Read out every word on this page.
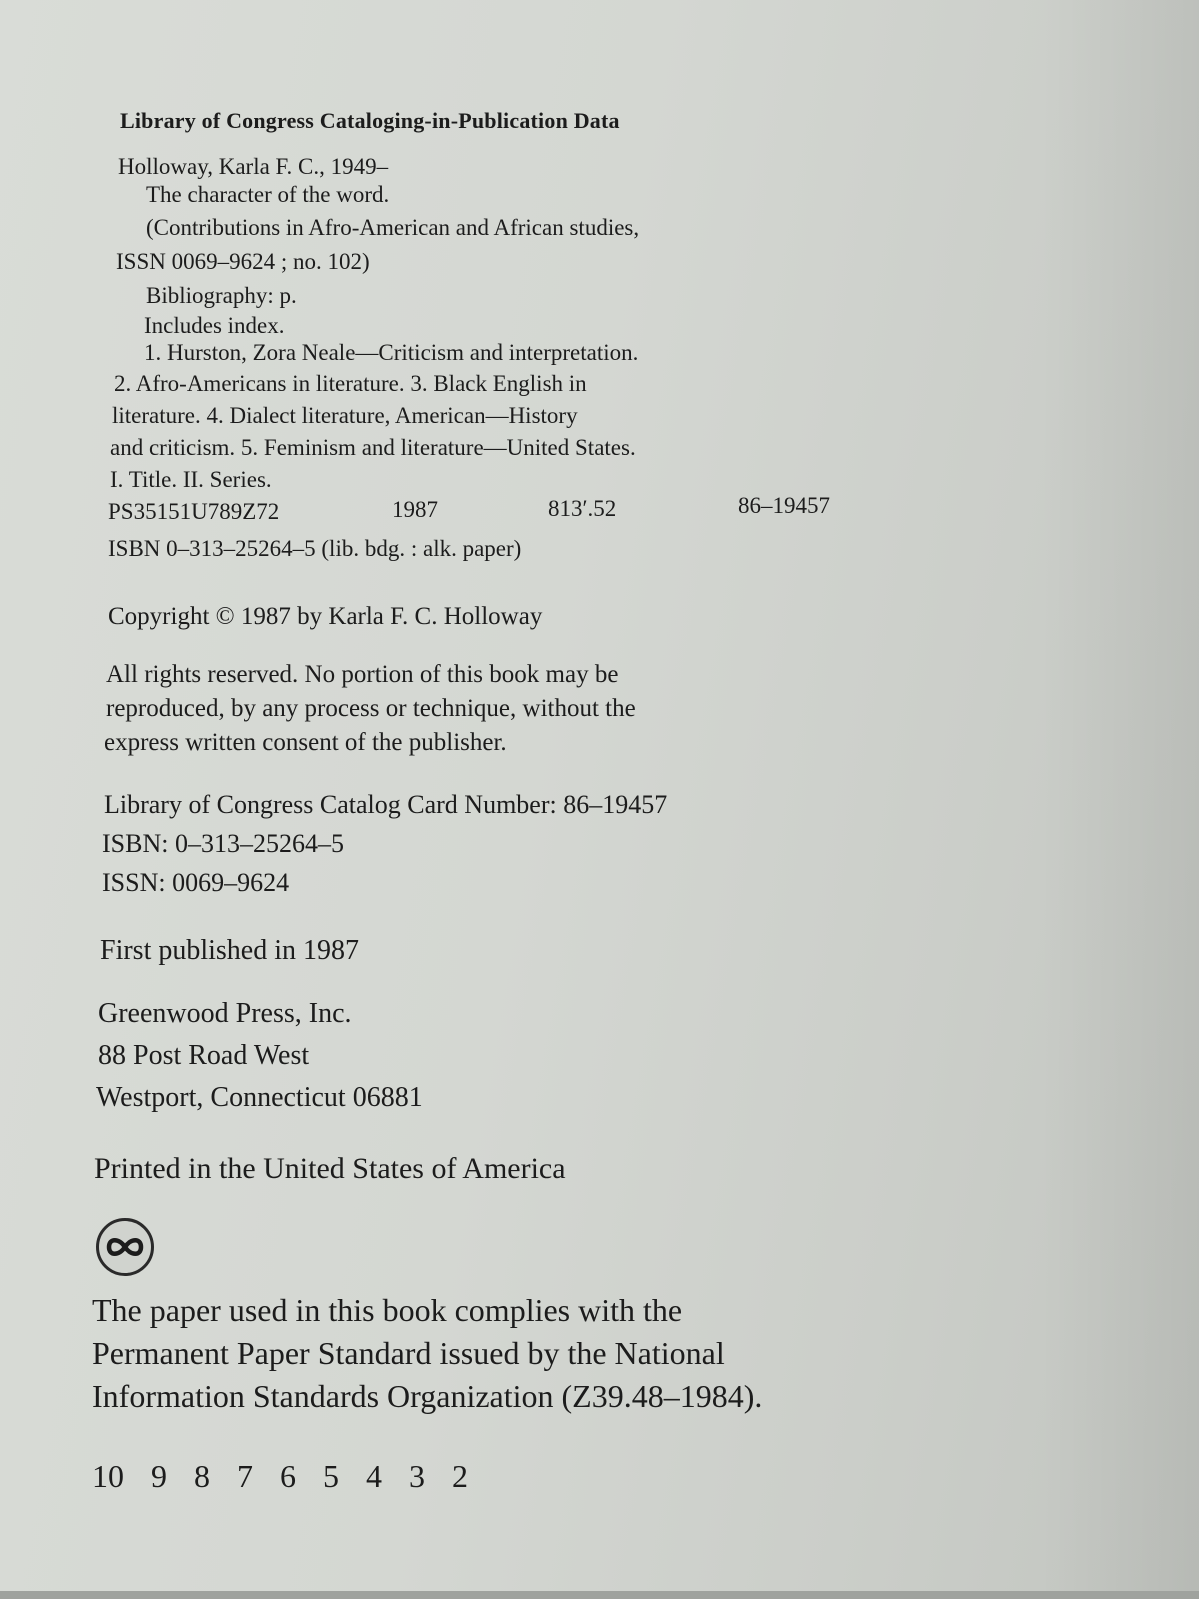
Library of Congress Cataloging-in-Publication Data

Holloway, Karla F. C., 1949–

The character of the word.

(Contributions in Afro-American and African studies,

ISSN 0069–9624 ; no. 102)

Bibliography: p.

Includes index.

1. Hurston, Zora Neale—Criticism and interpretation.

2. Afro-Americans in literature. 3. Black English in

literature. 4. Dialect literature, American—History

and criticism. 5. Feminism and literature—United States.

I. Title. II. Series.

PS35151U789Z72	1987	813′.52	86–19457

ISBN 0–313–25264–5 (lib. bdg. : alk. paper)

Copyright © 1987 by Karla F. C. Holloway

All rights reserved. No portion of this book may be

reproduced, by any process or technique, without the

express written consent of the publisher.

Library of Congress Catalog Card Number: 86–19457

ISBN: 0–313–25264–5

ISSN: 0069–9624

First published in 1987

Greenwood Press, Inc.

88 Post Road West

Westport, Connecticut 06881

Printed in the United States of America

The paper used in this book complies with the

Permanent Paper Standard issued by the National

Information Standards Organization (Z39.48–1984).

10 9 8 7 6 5 4 3 2
